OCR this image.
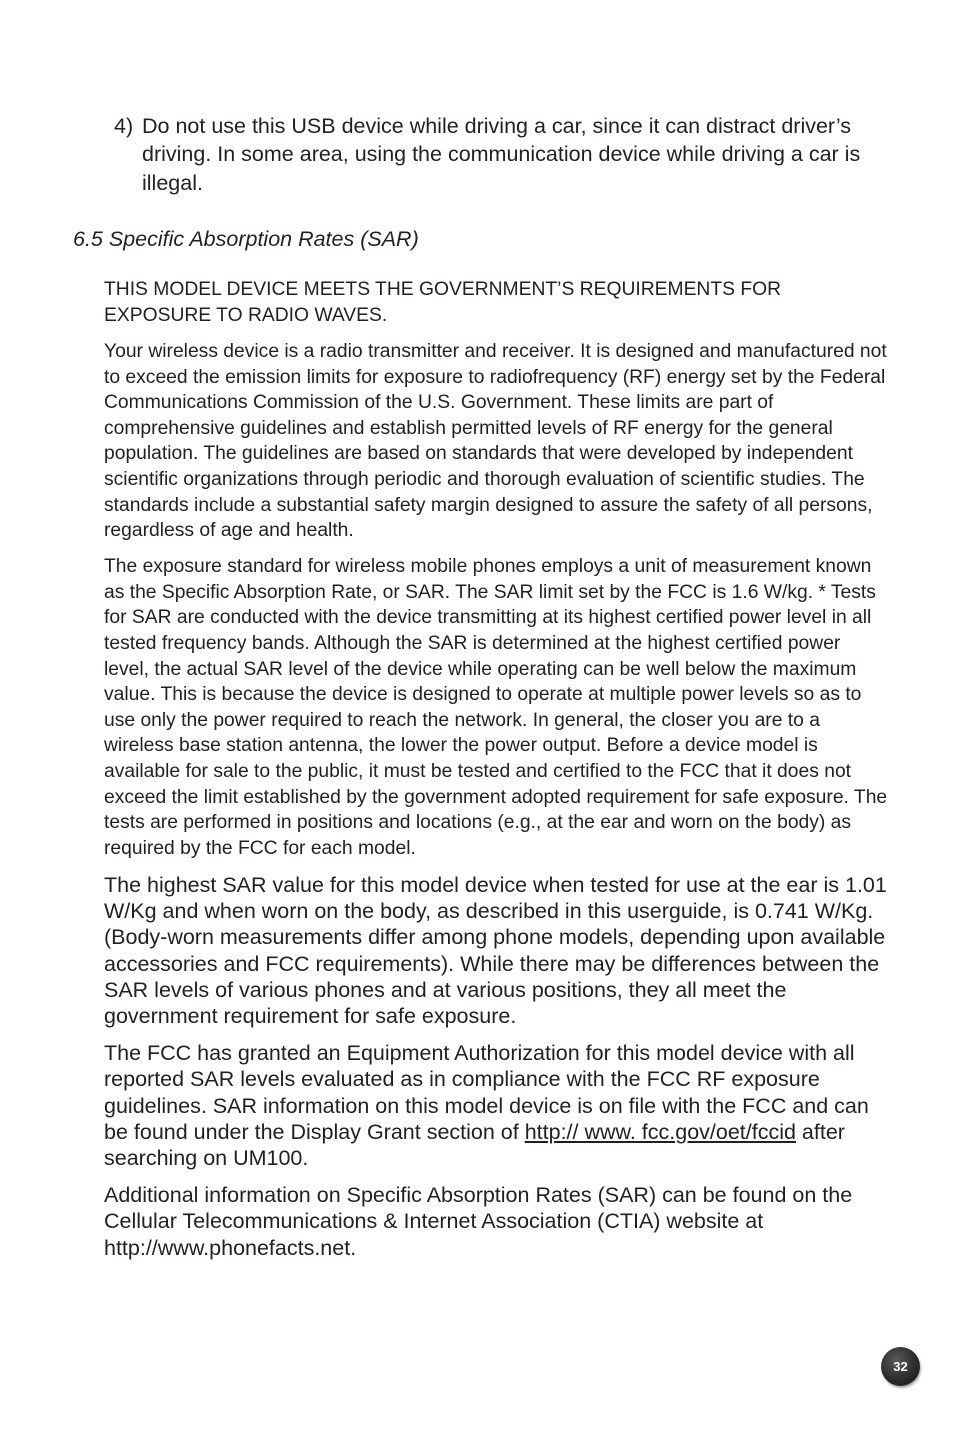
4) Do not use this USB device while driving a car, since it can distract driver’s driving. In some area, using the communication device while driving a car is illegal.
6.5 Specific Absorption Rates (SAR)

THIS MODEL DEVICE MEETS THE GOVERNMENT’S REQUIREMENTS FOR EXPOSURE TO RADIO WAVES.

Your wireless device is a radio transmitter and receiver. It is designed and manufactured not to exceed the emission limits for exposure to radiofrequency (RF) energy set by the Federal Communications Commission of the U.S. Government. These limits are part of comprehensive guidelines and establish permitted levels of RF energy for the general population. The guidelines are based on standards that were developed by independent scientific organizations through periodic and thorough evaluation of scientific studies. The standards include a substantial safety margin designed to assure the safety of all persons, regardless of age and health.

The exposure standard for wireless mobile phones employs a unit of measurement known as the Specific Absorption Rate, or SAR. The SAR limit set by the FCC is 1.6 W/kg. * Tests for SAR are conducted with the device transmitting at its highest certified power level in all tested frequency bands. Although the SAR is determined at the highest certified power level, the actual SAR level of the device while operating can be well below the maximum value. This is because the device is designed to operate at multiple power levels so as to use only the power required to reach the network. In general, the closer you are to a wireless base station antenna, the lower the power output. Before a device model is available for sale to the public, it must be tested and certified to the FCC that it does not exceed the limit established by the government adopted requirement for safe exposure. The tests are performed in positions and locations (e.g., at the ear and worn on the body) as required by the FCC for each model.

The highest SAR value for this model device when tested for use at the ear is 1.01 W/Kg and when worn on the body, as described in this userguide, is 0.741 W/Kg. (Body-worn measurements differ among phone models, depending upon available accessories and FCC requirements). While there may be differences between the SAR levels of various phones and at various positions, they all meet the government requirement for safe exposure.

The FCC has granted an Equipment Authorization for this model device with all reported SAR levels evaluated as in compliance with the FCC RF exposure guidelines. SAR information on this model device is on file with the FCC and can be found under the Display Grant section of http:// www. fcc.gov/oet/fccid after searching on UM100.

Additional information on Specific Absorption Rates (SAR) can be found on the Cellular Telecommunications & Internet Association (CTIA) website at http://www.phonefacts.net.

32
